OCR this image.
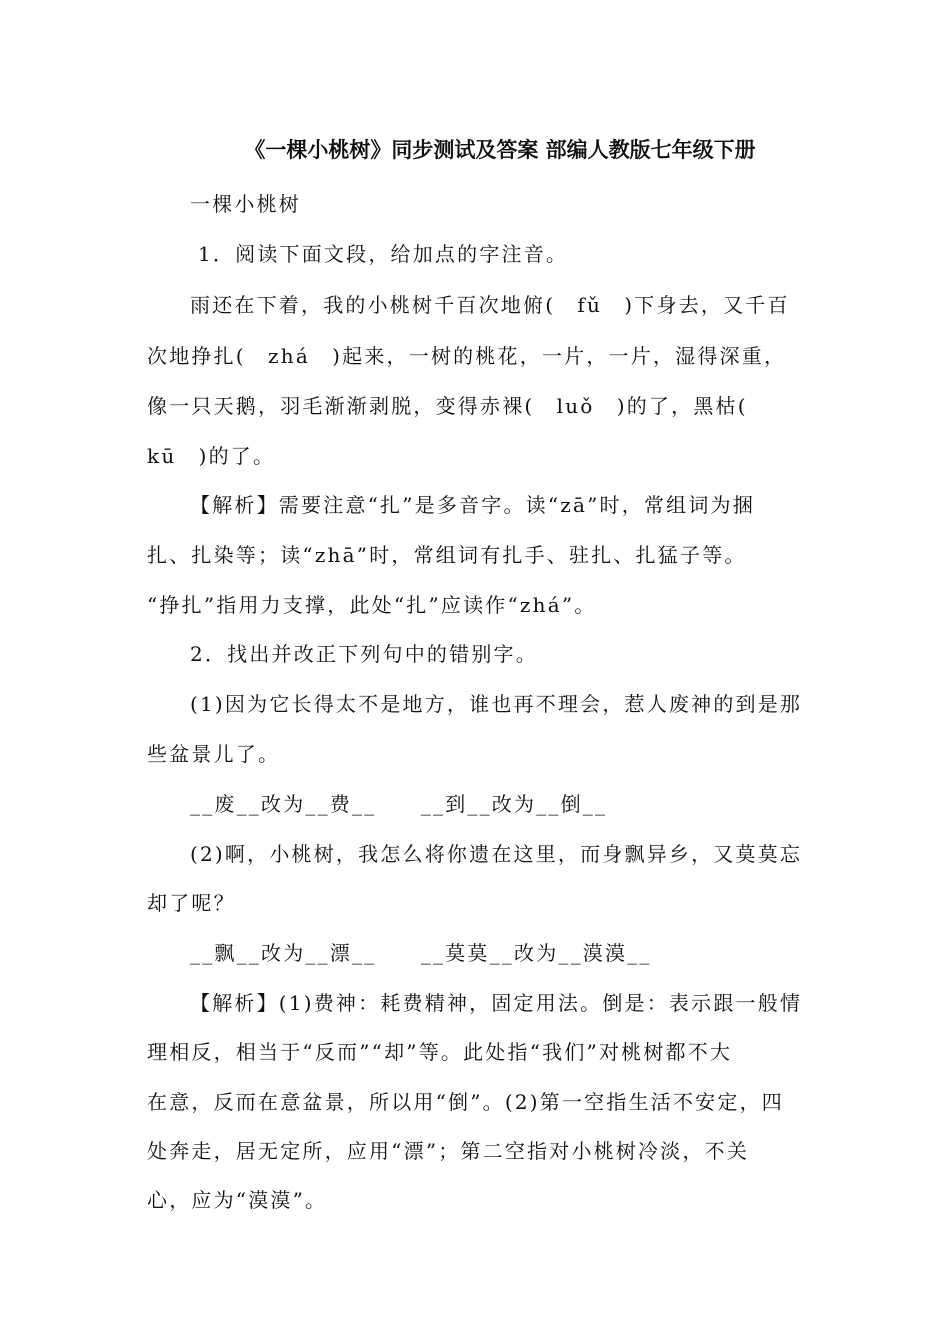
《一棵小桃树》同步测试及答案 部编人教版七年级下册
一棵小桃树
1．阅读下面文段，给加点的字注音。
雨还在下着，我的小桃树千百次地俯(　fǔ　)下身去，又千百
次地挣扎(　zhá　)起来，一树的桃花，一片，一片，湿得深重，
像一只天鹅，羽毛渐渐剥脱，变得赤裸(　luǒ　)的了，黑枯(
kū　)的了。
【解析】需要注意“扎”是多音字。读“zā”时，常组词为捆
扎、扎染等；读“zhā”时，常组词有扎手、驻扎、扎猛子等。
“挣扎”指用力支撑，此处“扎”应读作“zhá”。
2．找出并改正下列句中的错别字。
(1)因为它长得太不是地方，谁也再不理会，惹人废神的到是那
些盆景儿了。
__废__改为__费__　　__到__改为__倒__
(2)啊，小桃树，我怎么将你遗在这里，而身飘异乡，又莫莫忘
却了呢？
__飘__改为__漂__　　__莫莫__改为__漠漠__
【解析】(1)费神：耗费精神，固定用法。倒是：表示跟一般情
理相反，相当于“反而”“却”等。此处指“我们”对桃树都不大
在意，反而在意盆景，所以用“倒”。(2)第一空指生活不安定，四
处奔走，居无定所，应用“漂”；第二空指对小桃树冷淡，不关
心，应为“漠漠”。
